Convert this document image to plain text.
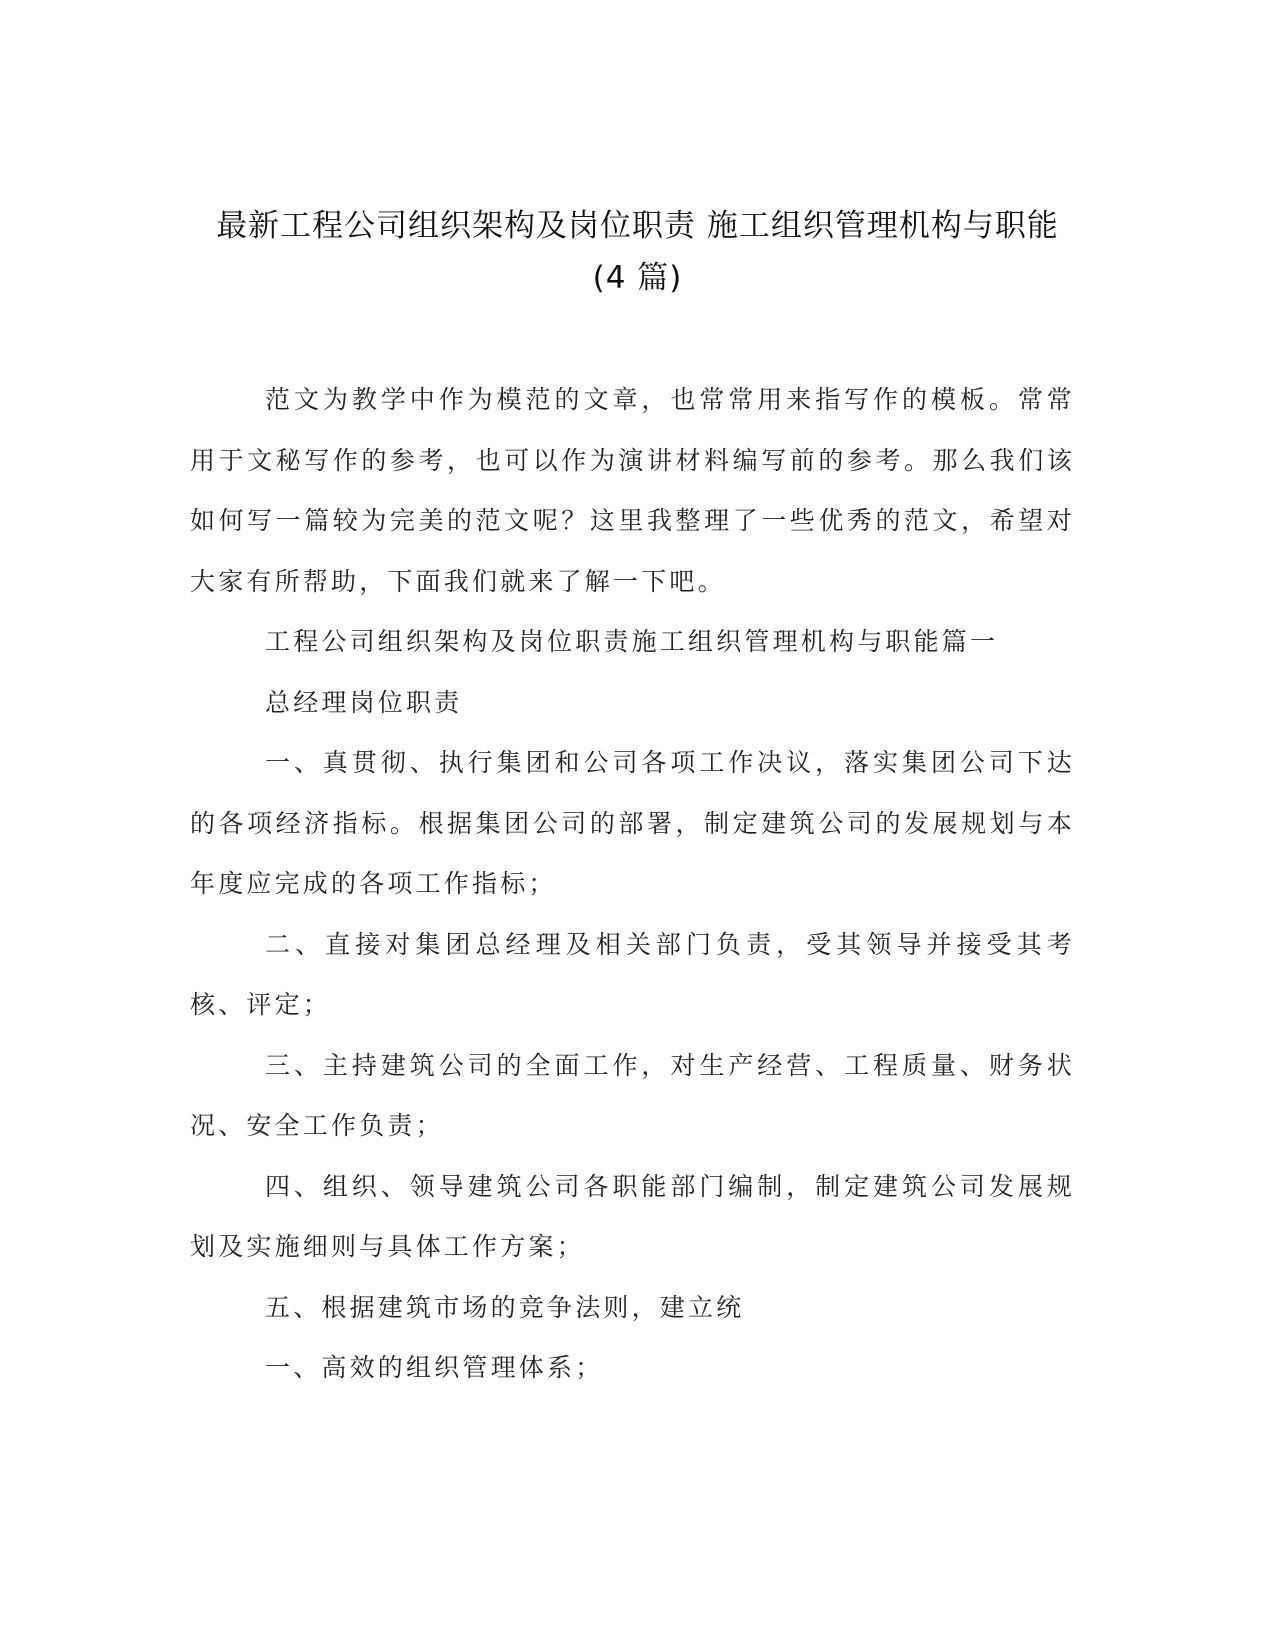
最新工程公司组织架构及岗位职责 施工组织管理机构与职能
(4 篇)

范文为教学中作为模范的文章，也常常用来指写作的模板。常常用于文秘写作的参考，也可以作为演讲材料编写前的参考。那么我们该如何写一篇较为完美的范文呢？这里我整理了一些优秀的范文，希望对大家有所帮助，下面我们就来了解一下吧。

工程公司组织架构及岗位职责施工组织管理机构与职能篇一

总经理岗位职责

一、真贯彻、执行集团和公司各项工作决议，落实集团公司下达的各项经济指标。根据集团公司的部署，制定建筑公司的发展规划与本年度应完成的各项工作指标；

二、直接对集团总经理及相关部门负责，受其领导并接受其考核、评定；

三、主持建筑公司的全面工作，对生产经营、工程质量、财务状况、安全工作负责；

四、组织、领导建筑公司各职能部门编制，制定建筑公司发展规划及实施细则与具体工作方案；

五、根据建筑市场的竞争法则，建立统

一、高效的组织管理体系；
